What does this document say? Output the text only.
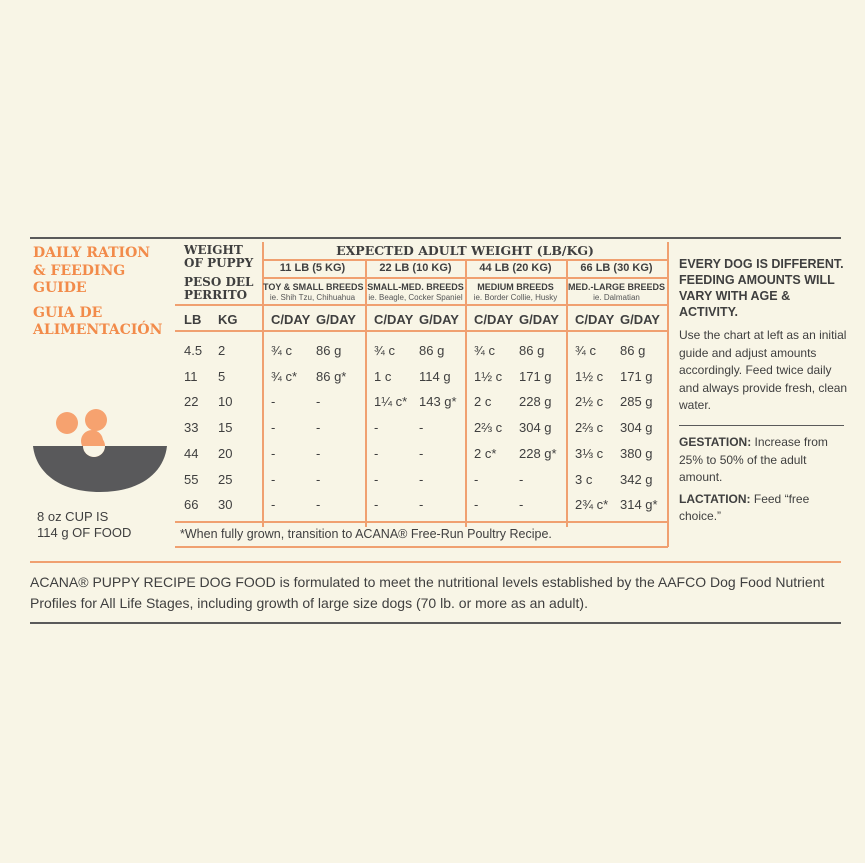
DAILY RATION
& FEEDING
GUIDE
GUIA DE
ALIMENTACIÓN
8 oz CUP IS
114 g OF FOOD
WEIGHT
OF PUPPY
PESO DEL
PERRITO
EXPECTED ADULT WEIGHT (LB/KG)
11 LB (5 KG)
TOY & SMALL BREEDS
ie. Shih Tzu, Chihuahua
22 LB (10 KG)
SMALL-MED. BREEDS
ie. Beagle, Cocker Spaniel
44 LB (20 KG)
MEDIUM BREEDS
ie. Border Collie, Husky
66 LB (30 KG)
MED.-LARGE BREEDS
ie. Dalmatian
LB KG	C/DAY G/DAY C/DAY G/DAY C/DAY G/DAY C/DAY G/DAY
4.5 2	¾ c 86 g	¾ c 86 g ¾ c 86 g ¾ c 86 g
11 5	¾ c* 86 g* 1 c 114 g 1½ c 171 g 1½ c 171 g
22 10	-	-	1¼ c* 143 g* 2 c 228 g 2½ c 285 g
33 15	-	-	-	-	2⅔ c 304 g 2⅔ c 304 g
44 20	-	-	-	-	2 c* 228 g* 3⅓ c 380 g
55 25	-	-	-	-	-	-	3 c 342 g
66 30	-	-	-	-	-	-	2¾ c* 314 g*
*When fully grown, transition to ACANA® Free-Run Poultry Recipe.
EVERY DOG IS DIFFERENT. FEEDING AMOUNTS WILL VARY WITH AGE & ACTIVITY.
Use the chart at left as an initial guide and adjust amounts accordingly. Feed twice daily and always provide fresh, clean water.
GESTATION: Increase from 25% to 50% of the adult amount.
LACTATION: Feed “free choice.”
ACANA® PUPPY RECIPE DOG FOOD is formulated to meet the nutritional levels established by the AAFCO Dog Food Nutrient Profiles for All Life Stages, including growth of large size dogs (70 lb. or more as an adult).
